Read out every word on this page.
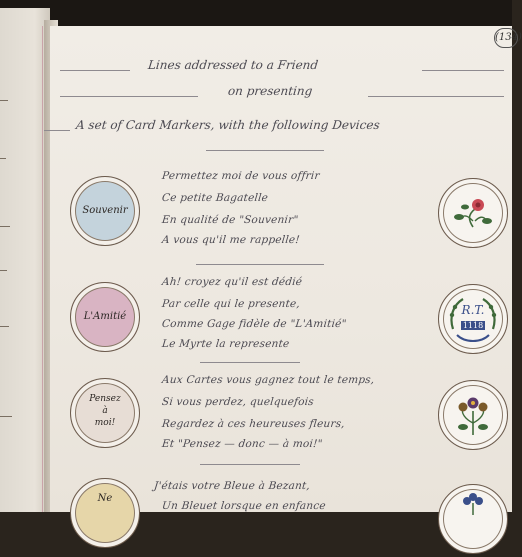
(134)
Lines addressed to a Friend
on presenting
A set of Card Markers, with the following Devices
Souvenir
Permettez moi de vous offrir
Ce petite Bagatelle
En qualité de "Souvenir"
A vous qu'il me rappelle!
L'Amitié
Ah! croyez qu'il est dédié
Par celle qui le presente,
Comme Gage fidèle de "L'Amitié"
Le Myrte la represente
R.T.
1118
Pensez
à
moi!
Aux Cartes vous gagnez tout le temps,
Si vous perdez, quelquefois
Regardez à ces heureuses fleurs,
Et "Pensez — donc — à moi!"
Ne
J'étais votre Bleue à Bezant,
Un Bleuet lorsque en enfance
